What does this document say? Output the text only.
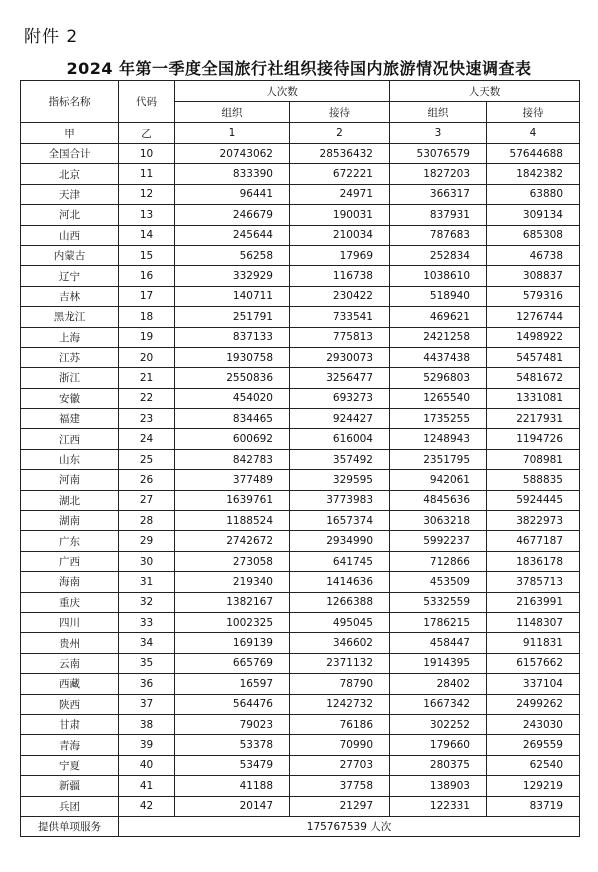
附件 2
2024 年第一季度全国旅行社组织接待国内旅游情况快速调查表
指标名称	代码	人次数		人天数	
		组织	接待	组织	接待
甲	乙	1	2	3	4
全国合计	10	20743062	28536432	53076579	57644688
北京	11	833390	672221	1827203	1842382
天津	12	96441	24971	366317	63880
河北	13	246679	190031	837931	309134
山西	14	245644	210034	787683	685308
内蒙古	15	56258	17969	252834	46738
辽宁	16	332929	116738	1038610	308837
吉林	17	140711	230422	518940	579316
黑龙江	18	251791	733541	469621	1276744
上海	19	837133	775813	2421258	1498922
江苏	20	1930758	2930073	4437438	5457481
浙江	21	2550836	3256477	5296803	5481672
安徽	22	454020	693273	1265540	1331081
福建	23	834465	924427	1735255	2217931
江西	24	600692	616004	1248943	1194726
山东	25	842783	357492	2351795	708981
河南	26	377489	329595	942061	588835
湖北	27	1639761	3773983	4845636	5924445
湖南	28	1188524	1657374	3063218	3822973
广东	29	2742672	2934990	5992237	4677187
广西	30	273058	641745	712866	1836178
海南	31	219340	1414636	453509	3785713
重庆	32	1382167	1266388	5332559	2163991
四川	33	1002325	495045	1786215	1148307
贵州	34	169139	346602	458447	911831
云南	35	665769	2371132	1914395	6157662
西藏	36	16597	78790	28402	337104
陕西	37	564476	1242732	1667342	2499262
甘肃	38	79023	76186	302252	243030
青海	39	53378	70990	179660	269559
宁夏	40	53479	27703	280375	62540
新疆	41	41188	37758	138903	129219
兵团	42	20147	21297	122331	83719
提供单项服务	175767539 人次				
